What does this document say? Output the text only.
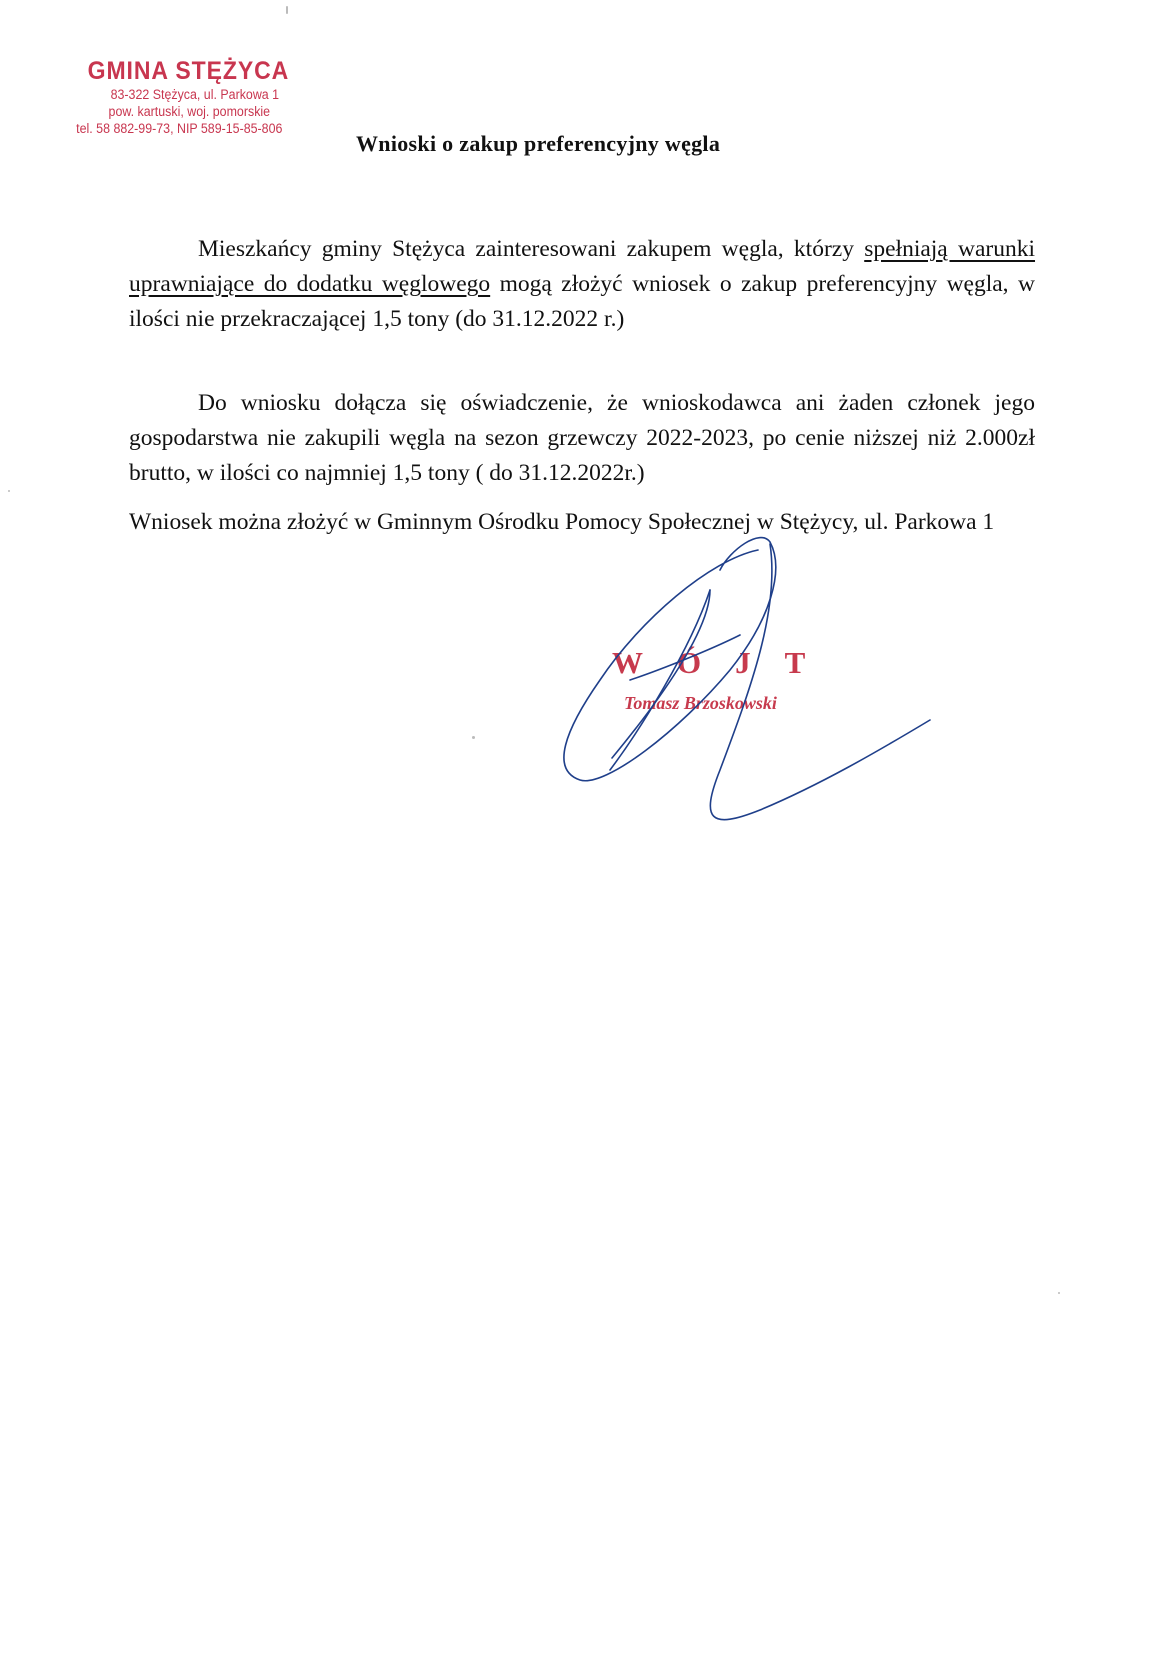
GMINA STĘŻYCA
83-322 Stężyca, ul. Parkowa 1
pow. kartuski, woj. pomorskie
tel. 58 882-99-73, NIP 589-15-85-806
Wnioski o zakup preferencyjny węgla

Mieszkańcy gminy Stężyca zainteresowani zakupem węgla, którzy spełniają warunki uprawniające do dodatku węglowego mogą złożyć wniosek o zakup preferencyjny węgla, w ilości nie przekraczającej 1,5 tony (do 31.12.2022 r.)

Do wniosku dołącza się oświadczenie, że wnioskodawca ani żaden członek jego gospodarstwa nie zakupili węgla na sezon grzewczy 2022-2023, po cenie niższej niż 2.000zł brutto, w ilości co najmniej 1,5 tony ( do 31.12.2022r.)

Wniosek można złożyć w Gminnym Ośrodku Pomocy Społecznej w Stężycy, ul. Parkowa 1

WÓJT
Tomasz Brzoskowski
